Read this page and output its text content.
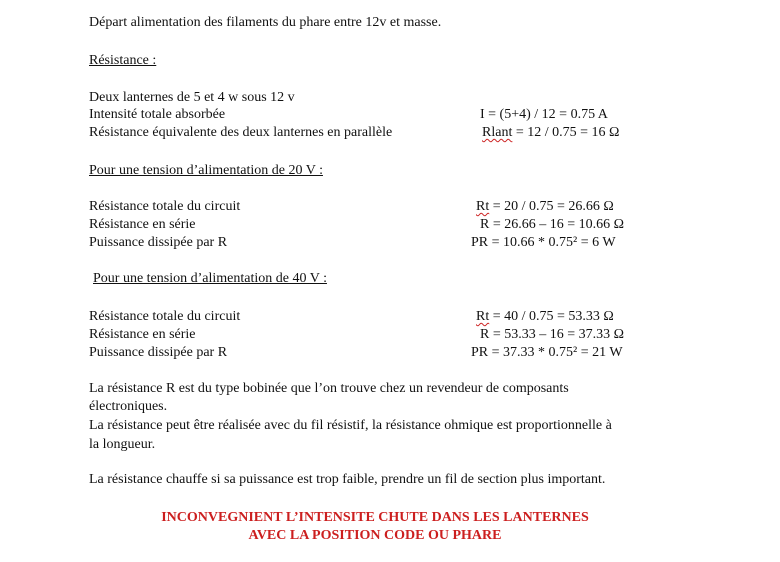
Départ alimentation des filaments du phare entre 12v et masse.
Résistance :
Deux lanternes de 5 et 4 w sous 12 v
Intensité totale absorbée	I = (5+4) / 12 = 0.75 A
Résistance équivalente des deux lanternes en parallèle	Rlant = 12 / 0.75 = 16 Ω
Pour une tension d’alimentation de 20 V :
Résistance totale du circuit	Rt = 20 / 0.75 = 26.66 Ω
Résistance en série	R = 26.66 – 16 = 10.66 Ω
Puissance dissipée par R	PR = 10.66 * 0.75² = 6 W
Pour une tension d’alimentation de 40 V :
Résistance totale du circuit	Rt = 40 / 0.75 = 53.33 Ω
Résistance en série	R = 53.33 – 16 = 37.33 Ω
Puissance dissipée par R	PR = 37.33 * 0.75² = 21 W
La résistance R est du type bobinée que l’on trouve chez un revendeur de composants
électroniques.
La résistance peut être réalisée avec du fil résistif, la résistance ohmique est proportionnelle à
la longueur.
La résistance chauffe si sa puissance est trop faible, prendre un fil de section plus important.
INCONVEGNIENT L’INTENSITE CHUTE DANS LES LANTERNES
AVEC LA POSITION CODE OU PHARE
